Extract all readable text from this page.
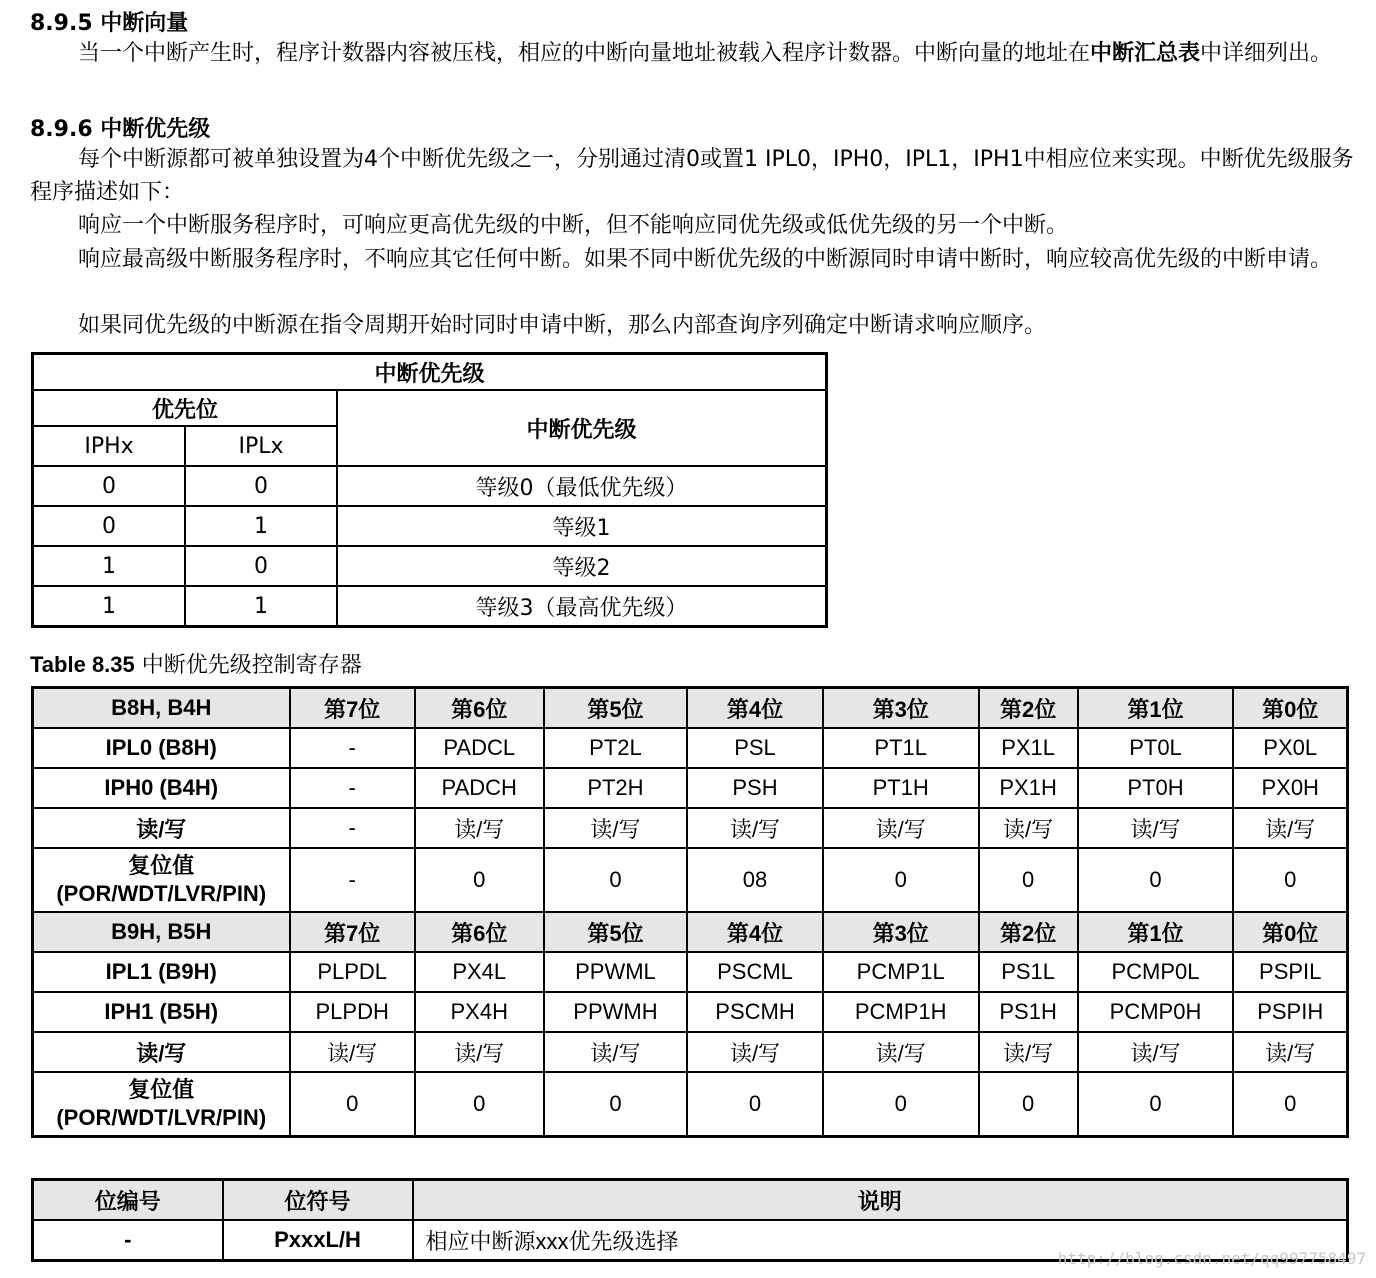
8.9.5 中断向量

当一个中断产生时，程序计数器内容被压栈，相应的中断向量地址被载入程序计数器。中断向量的地址在中断汇总表中详细列出。

8.9.6 中断优先级

每个中断源都可被单独设置为4个中断优先级之一，分别通过清0或置1 IPL0，IPH0，IPL1，IPH1中相应位来实现。中断优先级服务程序描述如下：

响应一个中断服务程序时，可响应更高优先级的中断，但不能响应同优先级或低优先级的另一个中断。

响应最高级中断服务程序时，不响应其它任何中断。如果不同中断优先级的中断源同时申请中断时，响应较高优先级的中断申请。

如果同优先级的中断源在指令周期开始时同时申请中断，那么内部查询序列确定中断请求响应顺序。

中断优先级		
优先位		中断优先级
IPHx	IPLx	
0	0	等级0（最低优先级）
0	1	等级1
1	0	等级2
1	1	等级3（最高优先级）
Table 8.35 中断优先级控制寄存器
B8H, B4H	第7位	第6位	第5位	第4位	第3位	第2位	第1位	第0位
IPL0 (B8H)	-	PADCL	PT2L	PSL	PT1L	PX1L	PT0L	PX0L
IPH0 (B4H)	-	PADCH	PT2H	PSH	PT1H	PX1H	PT0H	PX0H
读/写	-	读/写	读/写	读/写	读/写	读/写	读/写	读/写

复位值
(POR/WDT/LVR/PIN)	-	0	0	08	0	0	0	0
B9H, B5H	第7位	第6位	第5位	第4位	第3位	第2位	第1位	第0位
IPL1 (B9H)	PLPDL	PX4L	PPWML	PSCML	PCMP1L	PS1L	PCMP0L	PSPIL
IPH1 (B5H)	PLPDH	PX4H	PPWMH	PSCMH	PCMP1H	PS1H	PCMP0H	PSPIH
读/写	读/写	读/写	读/写	读/写	读/写	读/写	读/写	读/写

复位值
(POR/WDT/LVR/PIN)	0	0	0	0	0	0	0	0
位编号	位符号	说明
-	PxxxL/H	相应中断源xxx优先级选择
http://blog.csdn.net/qq997758497
